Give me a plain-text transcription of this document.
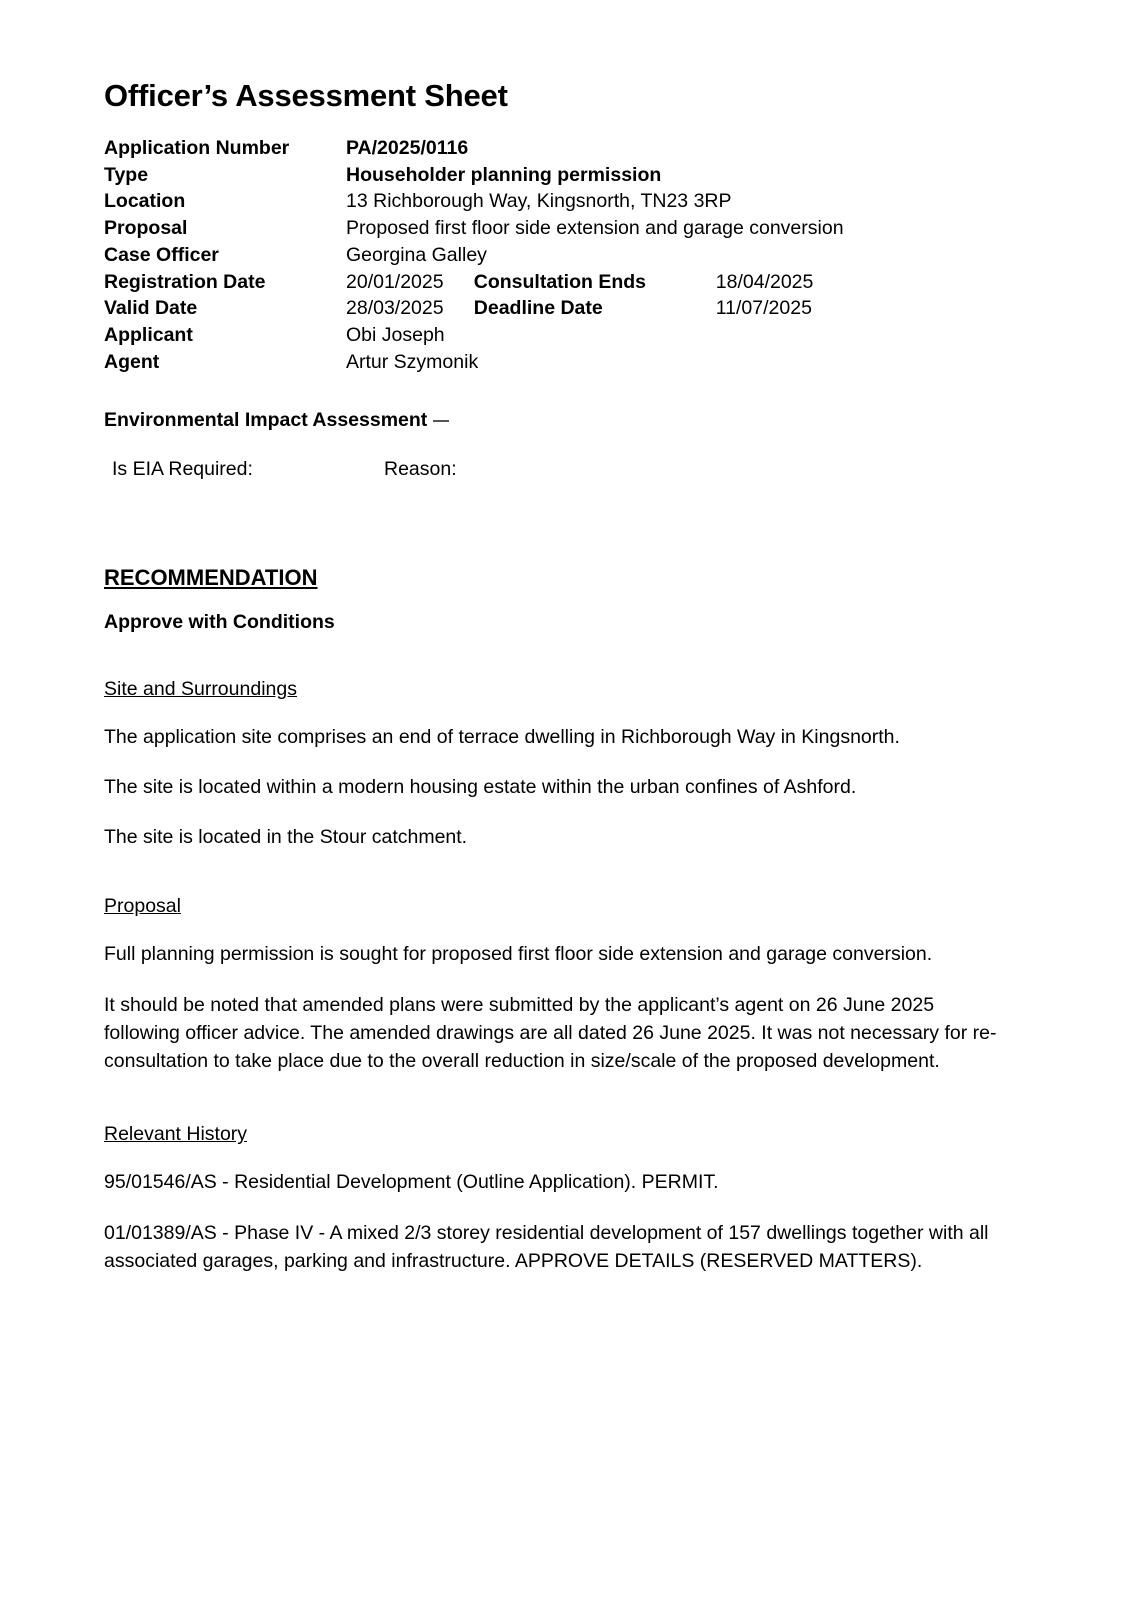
Officer’s Assessment Sheet
Application Number	PA/2025/0116		
Type	Householder planning permission		
Location	13 Richborough Way, Kingsnorth, TN23 3RP		
Proposal	Proposed first floor side extension and garage conversion		
Case Officer	Georgina Galley		
Registration Date	20/01/2025	Consultation Ends	18/04/2025
Valid Date	28/03/2025	Deadline Date	11/07/2025
Applicant	Obi Joseph		
Agent	Artur Szymonik		
Environmental Impact Assessment
Is EIA Required:	Reason:
RECOMMENDATION
Approve with Conditions
Site and Surroundings

The application site comprises an end of terrace dwelling in Richborough Way in Kingsnorth.

The site is located within a modern housing estate within the urban confines of Ashford.

The site is located in the Stour catchment.

Proposal

Full planning permission is sought for proposed first floor side extension and garage conversion.

It should be noted that amended plans were submitted by the applicant’s agent on 26 June 2025 following officer advice. The amended drawings are all dated 26 June 2025. It was not necessary for re-consultation to take place due to the overall reduction in size/scale of the proposed development.

Relevant History

95/01546/AS - Residential Development (Outline Application). PERMIT.

01/01389/AS - Phase IV - A mixed 2/3 storey residential development of 157 dwellings together with all associated garages, parking and infrastructure. APPROVE DETAILS (RESERVED MATTERS).
